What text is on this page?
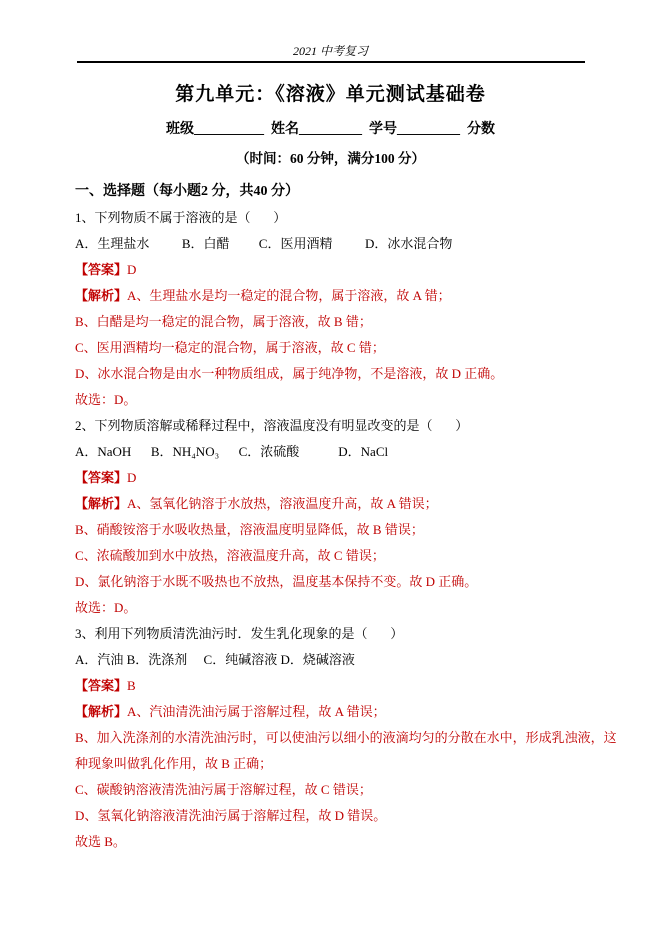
2021 中考复习
第九单元：《溶液》单元测试基础卷
班级__________  姓名_________  学号_________  分数
（时间：60 分钟，满分100 分）
一、选择题（每小题2 分，共40 分）

1、下列物质不属于溶液的是（       ）

A．生理盐水          B．白醋         C．医用酒精          D．冰水混合物

【答案】D

【解析】A、生理盐水是均一稳定的混合物，属于溶液，故 A 错；

B、白醋是均一稳定的混合物，属于溶液，故 B 错；

C、医用酒精均一稳定的混合物，属于溶液，故 C 错；

D、冰水混合物是由水一种物质组成，属于纯净物，不是溶液，故 D 正确。

故选：D。

2、下列物质溶解或稀释过程中，溶液温度没有明显改变的是（       ）

A．NaOH      B．NH₄NO₃      C．浓硫酸            D．NaCl

【答案】D

【解析】A、氢氧化钠溶于水放热，溶液温度升高，故 A 错误；

B、硝酸铵溶于水吸收热量，溶液温度明显降低，故 B 错误；

C、浓硫酸加到水中放热，溶液温度升高，故 C 错误；

D、氯化钠溶于水既不吸热也不放热，温度基本保持不变。故 D 正确。

故选：D。

3、利用下列物质清洗油污时．发生乳化现象的是（       ）

A．汽油 B．洗涤剂　 C．纯碱溶液 D．烧碱溶液

【答案】B

【解析】A、汽油清洗油污属于溶解过程，故 A 错误；

B、加入洗涤剂的水清洗油污时，可以使油污以细小的液滴均匀的分散在水中，形成乳浊液，这种现象叫做乳化作用，故 B 正确；

C、碳酸钠溶液清洗油污属于溶解过程，故 C 错误；

D、氢氧化钠溶液清洗油污属于溶解过程，故 D 错误。

故选 B。
